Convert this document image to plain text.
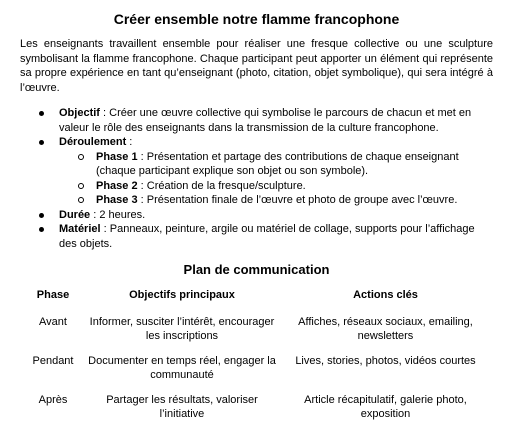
Créer ensemble notre flamme francophone

Les enseignants travaillent ensemble pour réaliser une fresque collective ou une sculpture symbolisant la flamme francophone. Chaque participant peut apporter un élément qui représente sa propre expérience en tant qu’enseignant (photo, citation, objet symbolique), qui sera intégré à l’œuvre.

Objectif : Créer une œuvre collective qui symbolise le parcours de chacun et met en valeur le rôle des enseignants dans la transmission de la culture francophone.
Déroulement :
Phase 1 : Présentation et partage des contributions de chaque enseignant (chaque participant explique son objet ou son symbole).
Phase 2 : Création de la fresque/sculpture.
Phase 3 : Présentation finale de l’œuvre et photo de groupe avec l’œuvre.
Durée : 2 heures.
Matériel : Panneaux, peinture, argile ou matériel de collage, supports pour l’affichage des objets.
Plan de communication
Phase	Objectifs principaux	Actions clés
Avant	Informer, susciter l’intérêt, encourager les inscriptions	Affiches, réseaux sociaux, emailing, newsletters
Pendant	Documenter en temps réel, engager la communauté	Lives, stories, photos, vidéos courtes
Après	Partager les résultats, valoriser l’initiative	Article récapitulatif, galerie photo, exposition
